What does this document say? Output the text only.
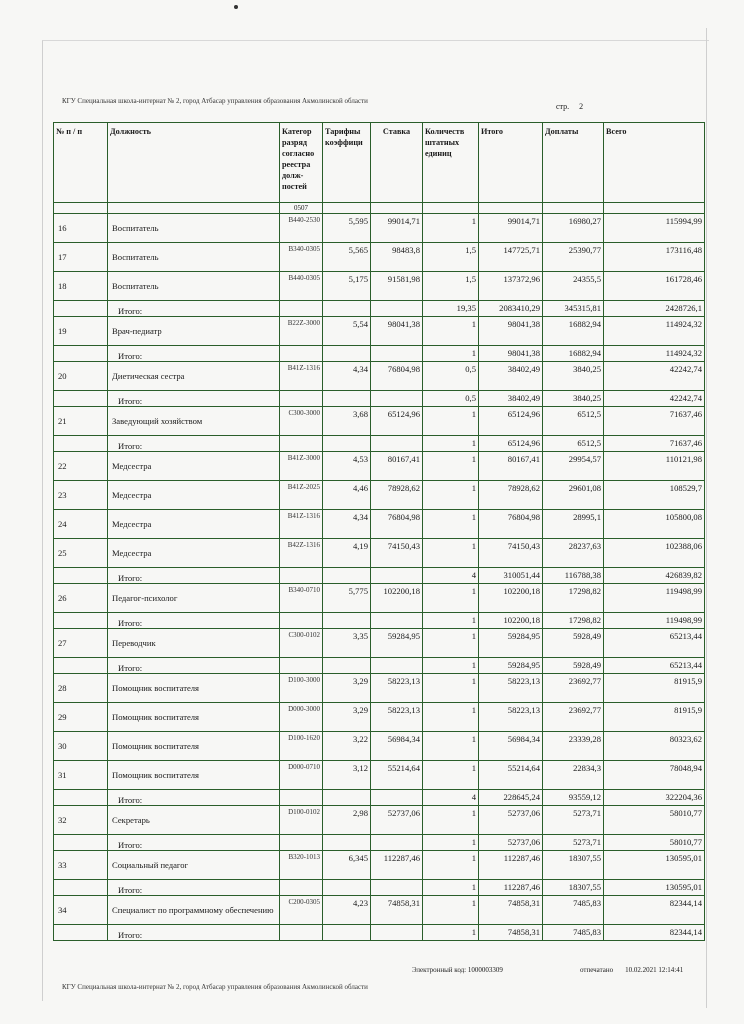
КГУ Специальная школа-интернат № 2, город Атбасар управления образования Акмолинской области
стр. 2
№ п / п	Должность	Категор разряд согласно реестра долж-постей	Тарифны коэффици	Ставка	Количеств штатных единиц	Итого	Доплаты	Всего
		0507						
16	Воспитатель	B440-2530	5,595	99014,71	1	99014,71	16980,27	115994,99
17	Воспитатель	B340-0305	5,565	98483,8	1,5	147725,71	25390,77	173116,48
18	Воспитатель	B440-0305	5,175	91581,98	1,5	137372,96	24355,5	161728,46
	Итого:				19,35	2083410,29	345315,81	2428726,1
19	Врач-педиатр	B22Z-3000	5,54	98041,38	1	98041,38	16882,94	114924,32
	Итого:				1	98041,38	16882,94	114924,32
20	Диетическая сестра	B41Z-1316	4,34	76804,98	0,5	38402,49	3840,25	42242,74
	Итого:				0,5	38402,49	3840,25	42242,74
21	Заведующий хозяйством	C300-3000	3,68	65124,96	1	65124,96	6512,5	71637,46
	Итого:				1	65124,96	6512,5	71637,46
22	Медсестра	B41Z-3000	4,53	80167,41	1	80167,41	29954,57	110121,98
23	Медсестра	B41Z-2025	4,46	78928,62	1	78928,62	29601,08	108529,7
24	Медсестра	B41Z-1316	4,34	76804,98	1	76804,98	28995,1	105800,08
25	Медсестра	B42Z-1316	4,19	74150,43	1	74150,43	28237,63	102388,06
	Итого:				4	310051,44	116788,38	426839,82
26	Педагог-психолог	B340-0710	5,775	102200,18	1	102200,18	17298,82	119498,99
	Итого:				1	102200,18	17298,82	119498,99
27	Переводчик	C300-0102	3,35	59284,95	1	59284,95	5928,49	65213,44
	Итого:				1	59284,95	5928,49	65213,44
28	Помощник воспитателя	D100-3000	3,29	58223,13	1	58223,13	23692,77	81915,9
29	Помощник воспитателя	D000-3000	3,29	58223,13	1	58223,13	23692,77	81915,9
30	Помощник воспитателя	D100-1620	3,22	56984,34	1	56984,34	23339,28	80323,62
31	Помощник воспитателя	D000-0710	3,12	55214,64	1	55214,64	22834,3	78048,94
	Итого:				4	228645,24	93559,12	322204,36
32	Секретарь	D100-0102	2,98	52737,06	1	52737,06	5273,71	58010,77
	Итого:				1	52737,06	5273,71	58010,77
33	Социальный педагог	B320-1013	6,345	112287,46	1	112287,46	18307,55	130595,01
	Итого:				1	112287,46	18307,55	130595,01
34	Специалист по программному обеспечению	C200-0305	4,23	74858,31	1	74858,31	7485,83	82344,14
	Итого:				1	74858,31	7485,83	82344,14
Электронный код: 1000003309	отпечатано 10.02.2021 12:14:41
КГУ Специальная школа-интернат № 2, город Атбасар управления образования Акмолинской области
